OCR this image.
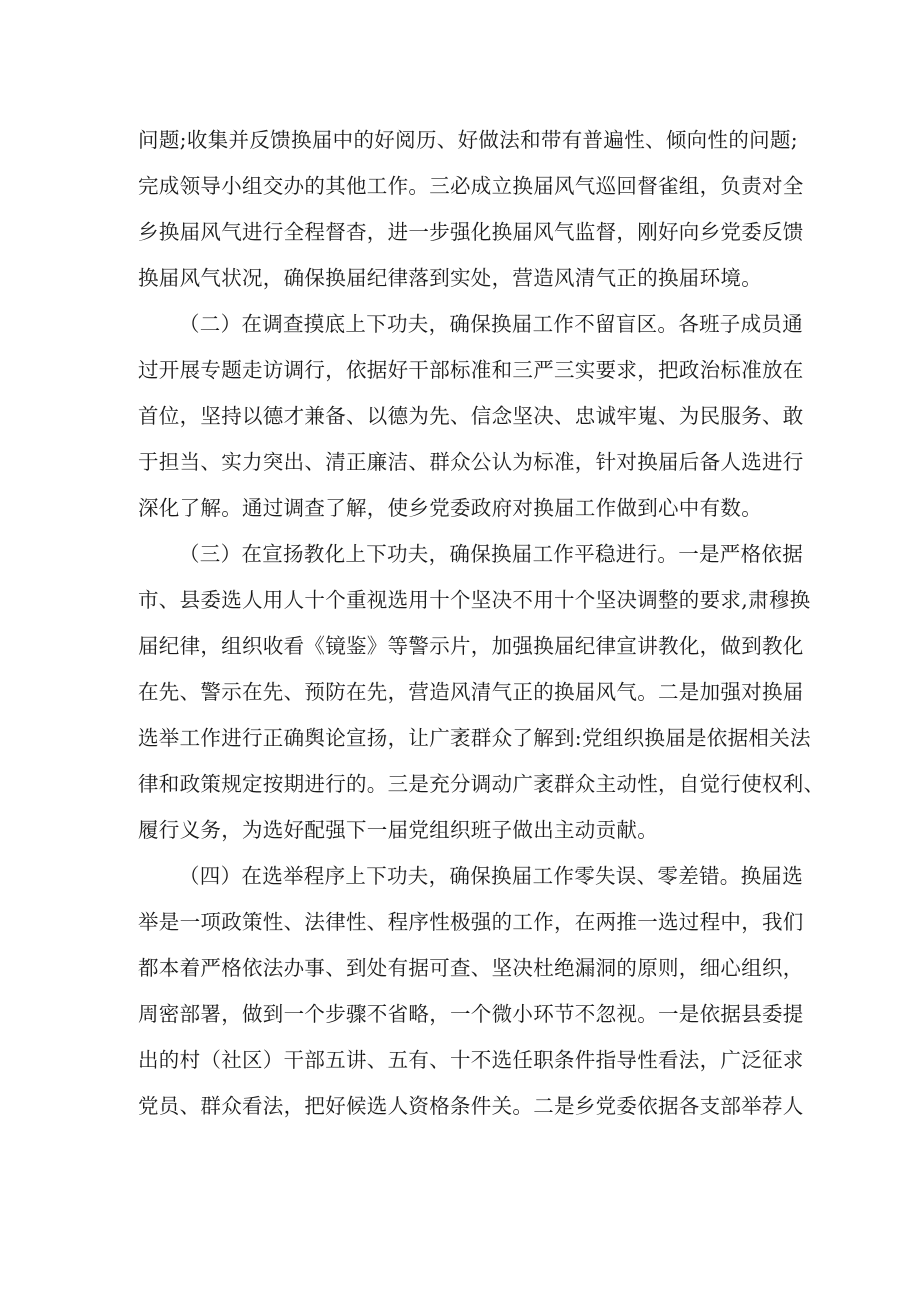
问题;收集并反馈换届中的好阅历、好做法和带有普遍性、倾向性的问题;
完成领导小组交办的其他工作。三必成立换届风气巡回督雀组，负责对全
乡换届风气进行全程督杳，进一步强化换届风气监督，刚好向乡党委反馈
换届风气状况，确保换届纪律落到实处，营造风清气正的换届环境。
（二）在调查摸底上下功夫，确保换届工作不留盲区。各班子成员通
过开展专题走访调行，依据好干部标准和三严三实要求，把政治标准放在
首位，坚持以德才兼备、以德为先、信念坚决、忠诚牢嵬、为民服务、敢
于担当、实力突出、清正廉洁、群众公认为标准，针对换届后备人选进行
深化了解。通过调查了解，使乡党委政府对换届工作做到心中有数。
（三）在宣扬教化上下功夫，确保换届工作平稳进行。一是严格依据
市、县委选人用人十个重视选用十个坚决不用十个坚决调整的要求,肃穆换
届纪律，组织收看《镜鉴》等警示片，加强换届纪律宣讲教化，做到教化
在先、警示在先、预防在先，营造风清气正的换届风气。二是加强对换届
选举工作进行正确舆论宣扬，让广袤群众了解到:党组织换届是依据相关法
律和政策规定按期进行的。三是充分调动广袤群众主动性，自觉行使权利、
履行义务，为选好配强下一届党组织班子做出主动贡献。
（四）在选举程序上下功夫，确保换届工作零失误、零差错。换届选
举是一项政策性、法律性、程序性极强的工作，在两推一选过程中，我们
都本着严格依法办事、到处有据可查、坚决杜绝漏洞的原则，细心组织，
周密部署，做到一个步骤不省略，一个微小环节不忽视。一是依据县委提
出的村（社区）干部五讲、五有、十不选任职条件指导性看法，广泛征求
党员、群众看法，把好候选人资格条件关。二是乡党委依据各支部举荐人
